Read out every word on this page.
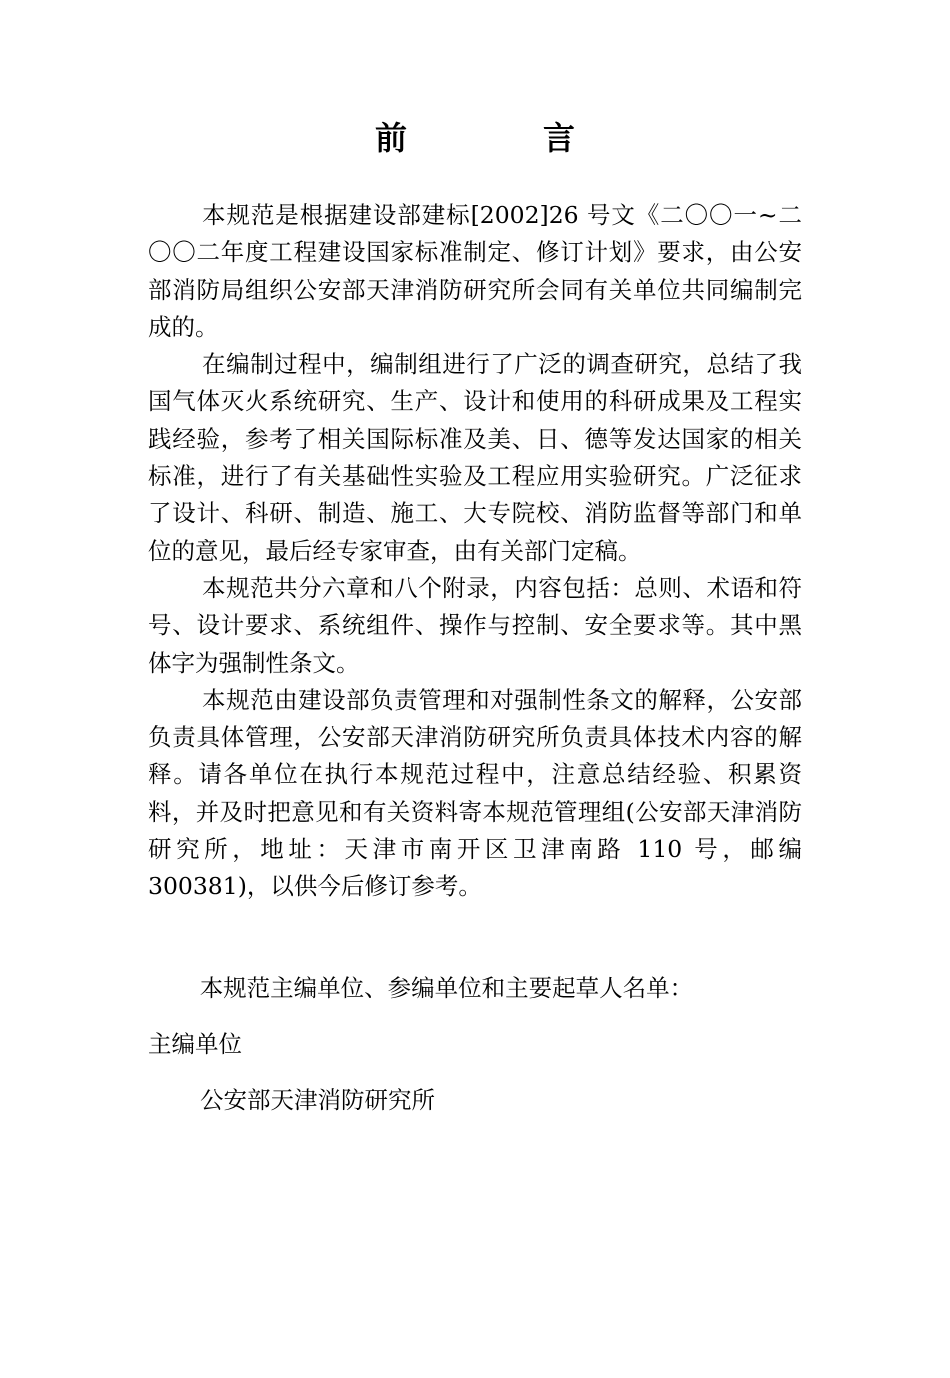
前　言

本规范是根据建设部建标[2002]26 号文《二〇〇一~二〇〇二年度工程建设国家标准制定、修订计划》要求，由公安部消防局组织公安部天津消防研究所会同有关单位共同编制完成的。

在编制过程中，编制组进行了广泛的调查研究，总结了我国气体灭火系统研究、生产、设计和使用的科研成果及工程实践经验，参考了相关国际标准及美、日、德等发达国家的相关标准，进行了有关基础性实验及工程应用实验研究。广泛征求了设计、科研、制造、施工、大专院校、消防监督等部门和单位的意见，最后经专家审查，由有关部门定稿。

本规范共分六章和八个附录，内容包括：总则、术语和符号、设计要求、系统组件、操作与控制、安全要求等。其中黑体字为强制性条文。

本规范由建设部负责管理和对强制性条文的解释，公安部负责具体管理，公安部天津消防研究所负责具体技术内容的解释。请各单位在执行本规范过程中，注意总结经验、积累资料，并及时把意见和有关资料寄本规范管理组(公安部天津消防研究所，地址：天津市南开区卫津南路 110 号，邮编 300381)，以供今后修订参考。

本规范主编单位、参编单位和主要起草人名单：
主编单位
公安部天津消防研究所
